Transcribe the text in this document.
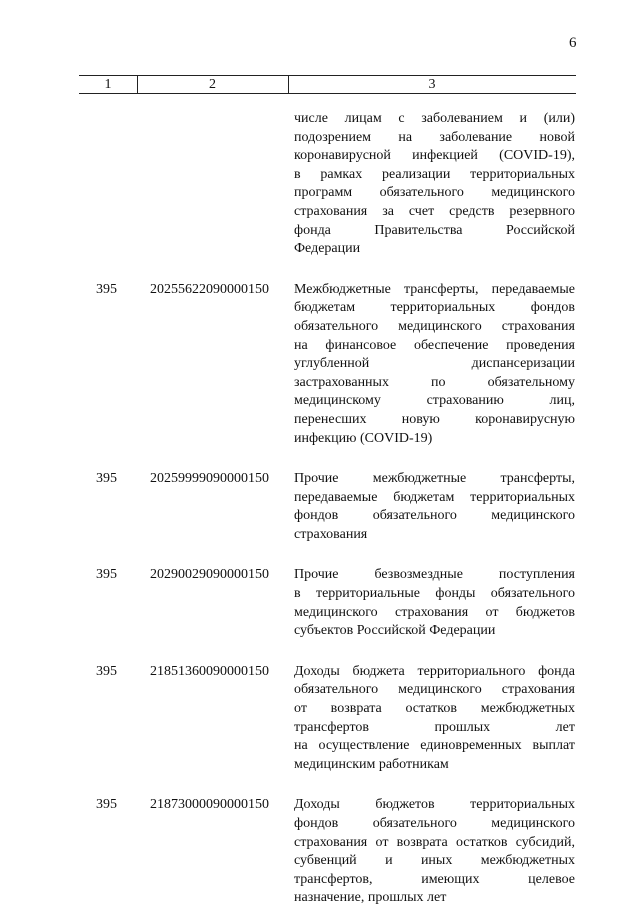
6
1	2	3
числе лицам с заболеванием и (или)
подозрением на заболевание новой
коронавирусной инфекцией (COVID-19),
в рамках реализации территориальных
программ обязательного медицинского
страхования за счет средств резервного
фонда Правительства Российской
Федерации
395 20255622090000150 Межбюджетные трансферты, передаваемые
бюджетам территориальных фондов
обязательного медицинского страхования
на финансовое обеспечение проведения
углубленной диспансеризации
застрахованных по обязательному
медицинскому страхованию лиц,
перенесших новую коронавирусную
инфекцию (COVID-19)
395 20259999090000150 Прочие межбюджетные трансферты,
передаваемые бюджетам территориальных
фондов обязательного медицинского
страхования
395 20290029090000150 Прочие безвозмездные поступления
в территориальные фонды обязательного
медицинского страхования от бюджетов
субъектов Российской Федерации
395 21851360090000150 Доходы бюджета территориального фонда
обязательного медицинского страхования
от возврата остатков межбюджетных
трансфертов прошлых лет
на осуществление единовременных выплат
медицинским работникам
395 21873000090000150 Доходы бюджетов территориальных
фондов обязательного медицинского
страхования от возврата остатков субсидий,
субвенций и иных межбюджетных
трансфертов, имеющих целевое
назначение, прошлых лет
